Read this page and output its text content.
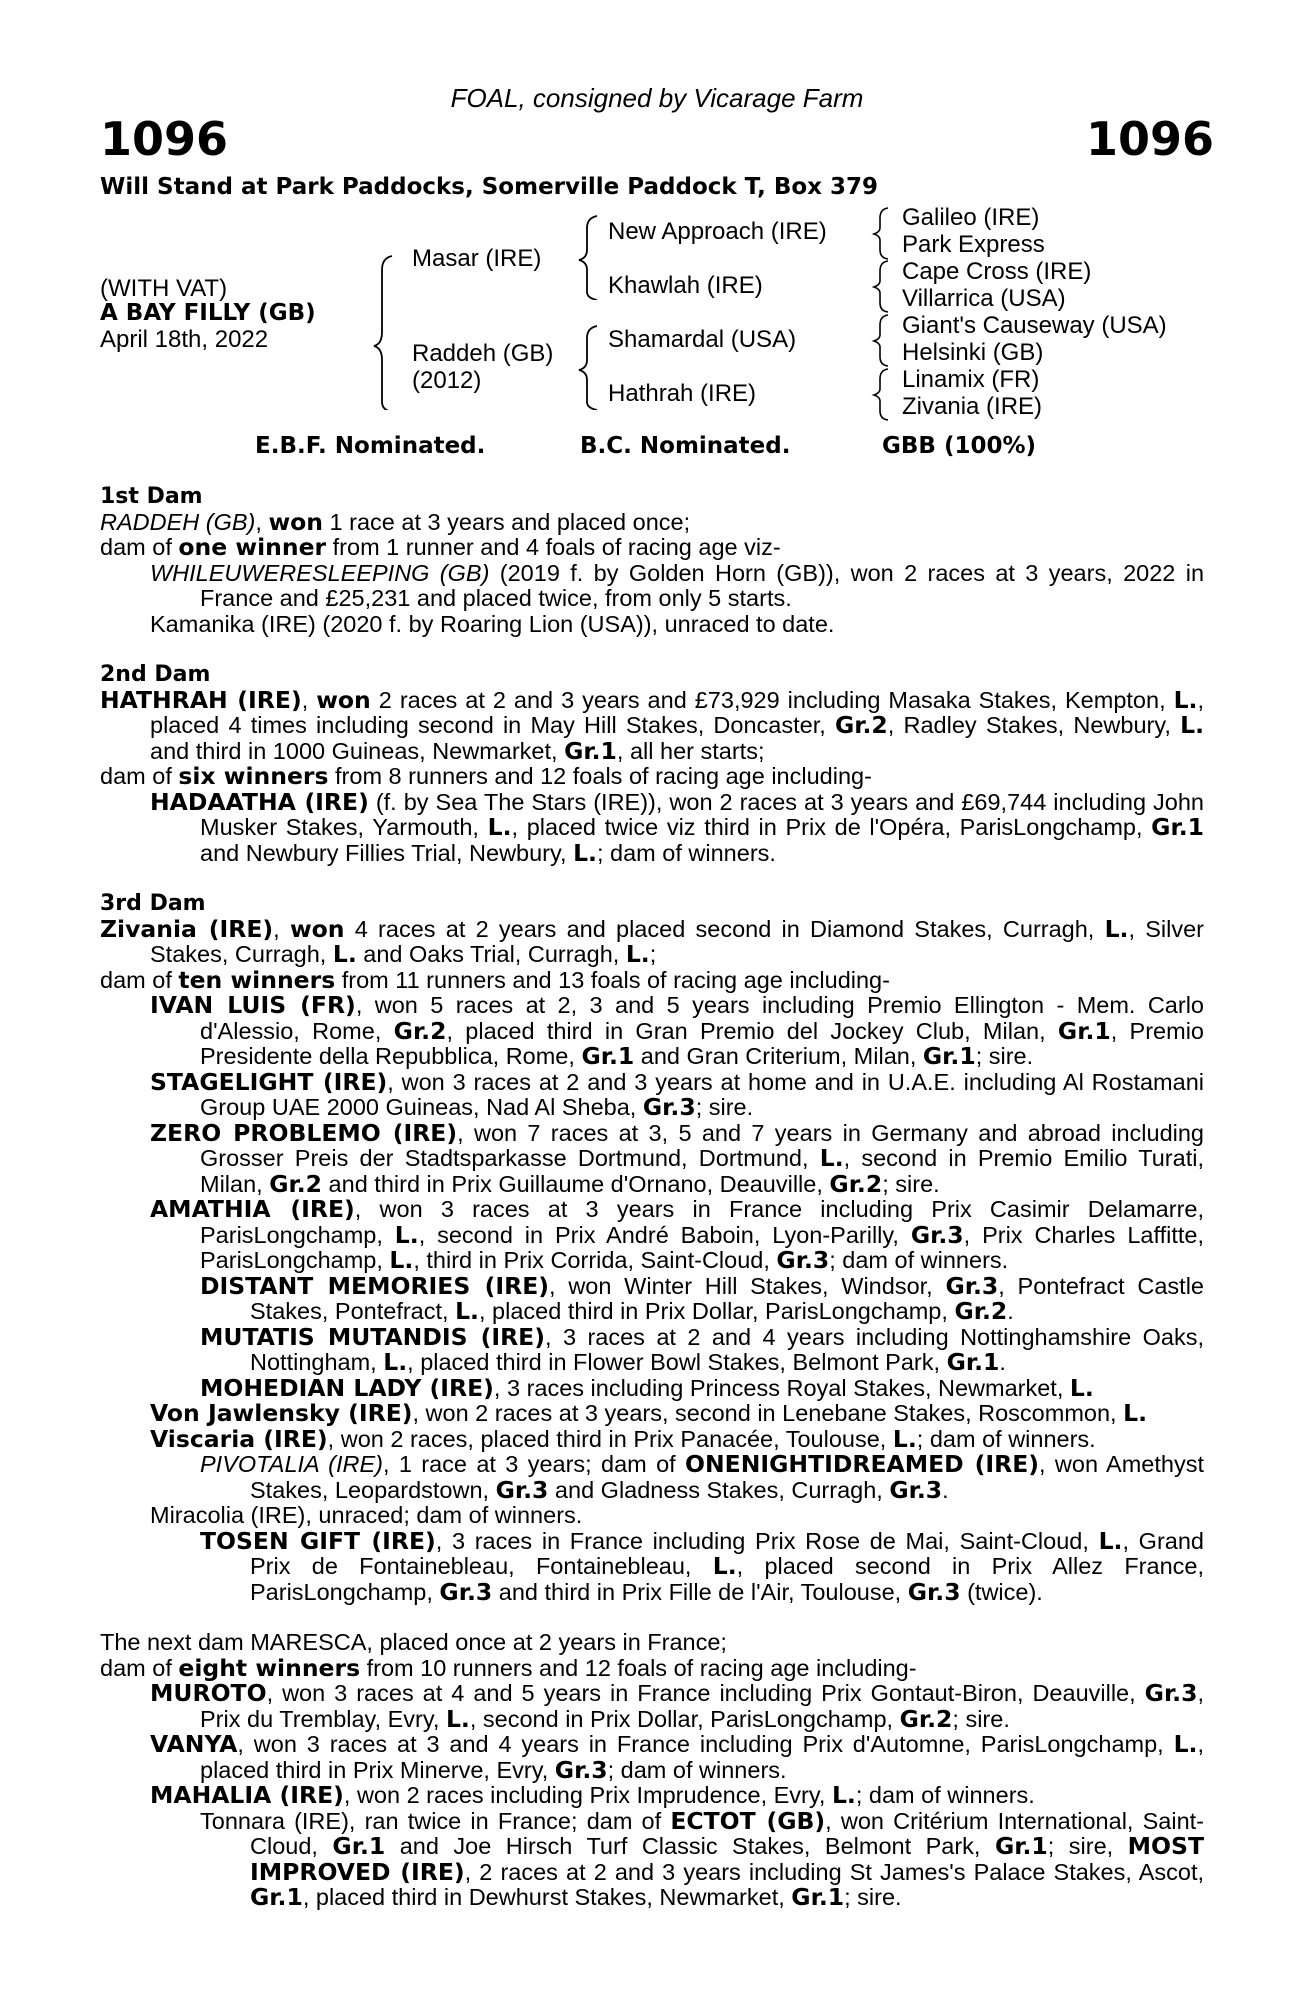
FOAL, consigned by Vicarage Farm
1096	1096
Will Stand at Park Paddocks, Somerville Paddock T, Box 379
(WITH VAT)
A BAY FILLY (GB)
April 18th, 2022
Masar (IRE)
Raddeh (GB)
(2012)
New Approach (IRE)
Khawlah (IRE)
Shamardal (USA)
Hathrah (IRE)
Galileo (IRE)
Park Express
Cape Cross (IRE)
Villarrica (USA)
Giant's Causeway (USA)
Helsinki (GB)
Linamix (FR)
Zivania (IRE)
E.B.F. Nominated.	B.C. Nominated.	GBB (100%)

1st Dam

RADDEH (GB), won 1 race at 3 years and placed once;

dam of one winner from 1 runner and 4 foals of racing age viz-

WHILEUWERESLEEPING (GB) (2019 f. by Golden Horn (GB)), won 2 races at 3 years, 2022 in France and £25,231 and placed twice, from only 5 starts.

Kamanika (IRE) (2020 f. by Roaring Lion (USA)), unraced to date.

2nd Dam

HATHRAH (IRE), won 2 races at 2 and 3 years and £73,929 including Masaka Stakes, Kempton, L., placed 4 times including second in May Hill Stakes, Doncaster, Gr.2, Radley Stakes, Newbury, L. and third in 1000 Guineas, Newmarket, Gr.1, all her starts;

dam of six winners from 8 runners and 12 foals of racing age including-

HADAATHA (IRE) (f. by Sea The Stars (IRE)), won 2 races at 3 years and £69,744 including John Musker Stakes, Yarmouth, L., placed twice viz third in Prix de l'Opéra, ParisLongchamp, Gr.1 and Newbury Fillies Trial, Newbury, L.; dam of winners.

3rd Dam

Zivania (IRE), won 4 races at 2 years and placed second in Diamond Stakes, Curragh, L., Silver Stakes, Curragh, L. and Oaks Trial, Curragh, L.;

dam of ten winners from 11 runners and 13 foals of racing age including-

IVAN LUIS (FR), won 5 races at 2, 3 and 5 years including Premio Ellington - Mem. Carlo d'Alessio, Rome, Gr.2, placed third in Gran Premio del Jockey Club, Milan, Gr.1, Premio Presidente della Repubblica, Rome, Gr.1 and Gran Criterium, Milan, Gr.1; sire.

STAGELIGHT (IRE), won 3 races at 2 and 3 years at home and in U.A.E. including Al Rostamani Group UAE 2000 Guineas, Nad Al Sheba, Gr.3; sire.

ZERO PROBLEMO (IRE), won 7 races at 3, 5 and 7 years in Germany and abroad including Grosser Preis der Stadtsparkasse Dortmund, Dortmund, L., second in Premio Emilio Turati, Milan, Gr.2 and third in Prix Guillaume d'Ornano, Deauville, Gr.2; sire.

AMATHIA (IRE), won 3 races at 3 years in France including Prix Casimir Delamarre, ParisLongchamp, L., second in Prix André Baboin, Lyon-Parilly, Gr.3, Prix Charles Laffitte, ParisLongchamp, L., third in Prix Corrida, Saint-Cloud, Gr.3; dam of winners.

DISTANT MEMORIES (IRE), won Winter Hill Stakes, Windsor, Gr.3, Pontefract Castle Stakes, Pontefract, L., placed third in Prix Dollar, ParisLongchamp, Gr.2.

MUTATIS MUTANDIS (IRE), 3 races at 2 and 4 years including Nottinghamshire Oaks, Nottingham, L., placed third in Flower Bowl Stakes, Belmont Park, Gr.1.

MOHEDIAN LADY (IRE), 3 races including Princess Royal Stakes, Newmarket, L.

Von Jawlensky (IRE), won 2 races at 3 years, second in Lenebane Stakes, Roscommon, L.

Viscaria (IRE), won 2 races, placed third in Prix Panacée, Toulouse, L.; dam of winners.

PIVOTALIA (IRE), 1 race at 3 years; dam of ONENIGHTIDREAMED (IRE), won Amethyst Stakes, Leopardstown, Gr.3 and Gladness Stakes, Curragh, Gr.3.

Miracolia (IRE), unraced; dam of winners.

TOSEN GIFT (IRE), 3 races in France including Prix Rose de Mai, Saint-Cloud, L., Grand Prix de Fontainebleau, Fontainebleau, L., placed second in Prix Allez France, ParisLongchamp, Gr.3 and third in Prix Fille de l'Air, Toulouse, Gr.3 (twice).

The next dam MARESCA, placed once at 2 years in France;

dam of eight winners from 10 runners and 12 foals of racing age including-

MUROTO, won 3 races at 4 and 5 years in France including Prix Gontaut-Biron, Deauville, Gr.3, Prix du Tremblay, Evry, L., second in Prix Dollar, ParisLongchamp, Gr.2; sire.

VANYA, won 3 races at 3 and 4 years in France including Prix d'Automne, ParisLongchamp, L., placed third in Prix Minerve, Evry, Gr.3; dam of winners.

MAHALIA (IRE), won 2 races including Prix Imprudence, Evry, L.; dam of winners.

Tonnara (IRE), ran twice in France; dam of ECTOT (GB), won Critérium International, Saint-Cloud, Gr.1 and Joe Hirsch Turf Classic Stakes, Belmont Park, Gr.1; sire, MOST IMPROVED (IRE), 2 races at 2 and 3 years including St James's Palace Stakes, Ascot, Gr.1, placed third in Dewhurst Stakes, Newmarket, Gr.1; sire.
